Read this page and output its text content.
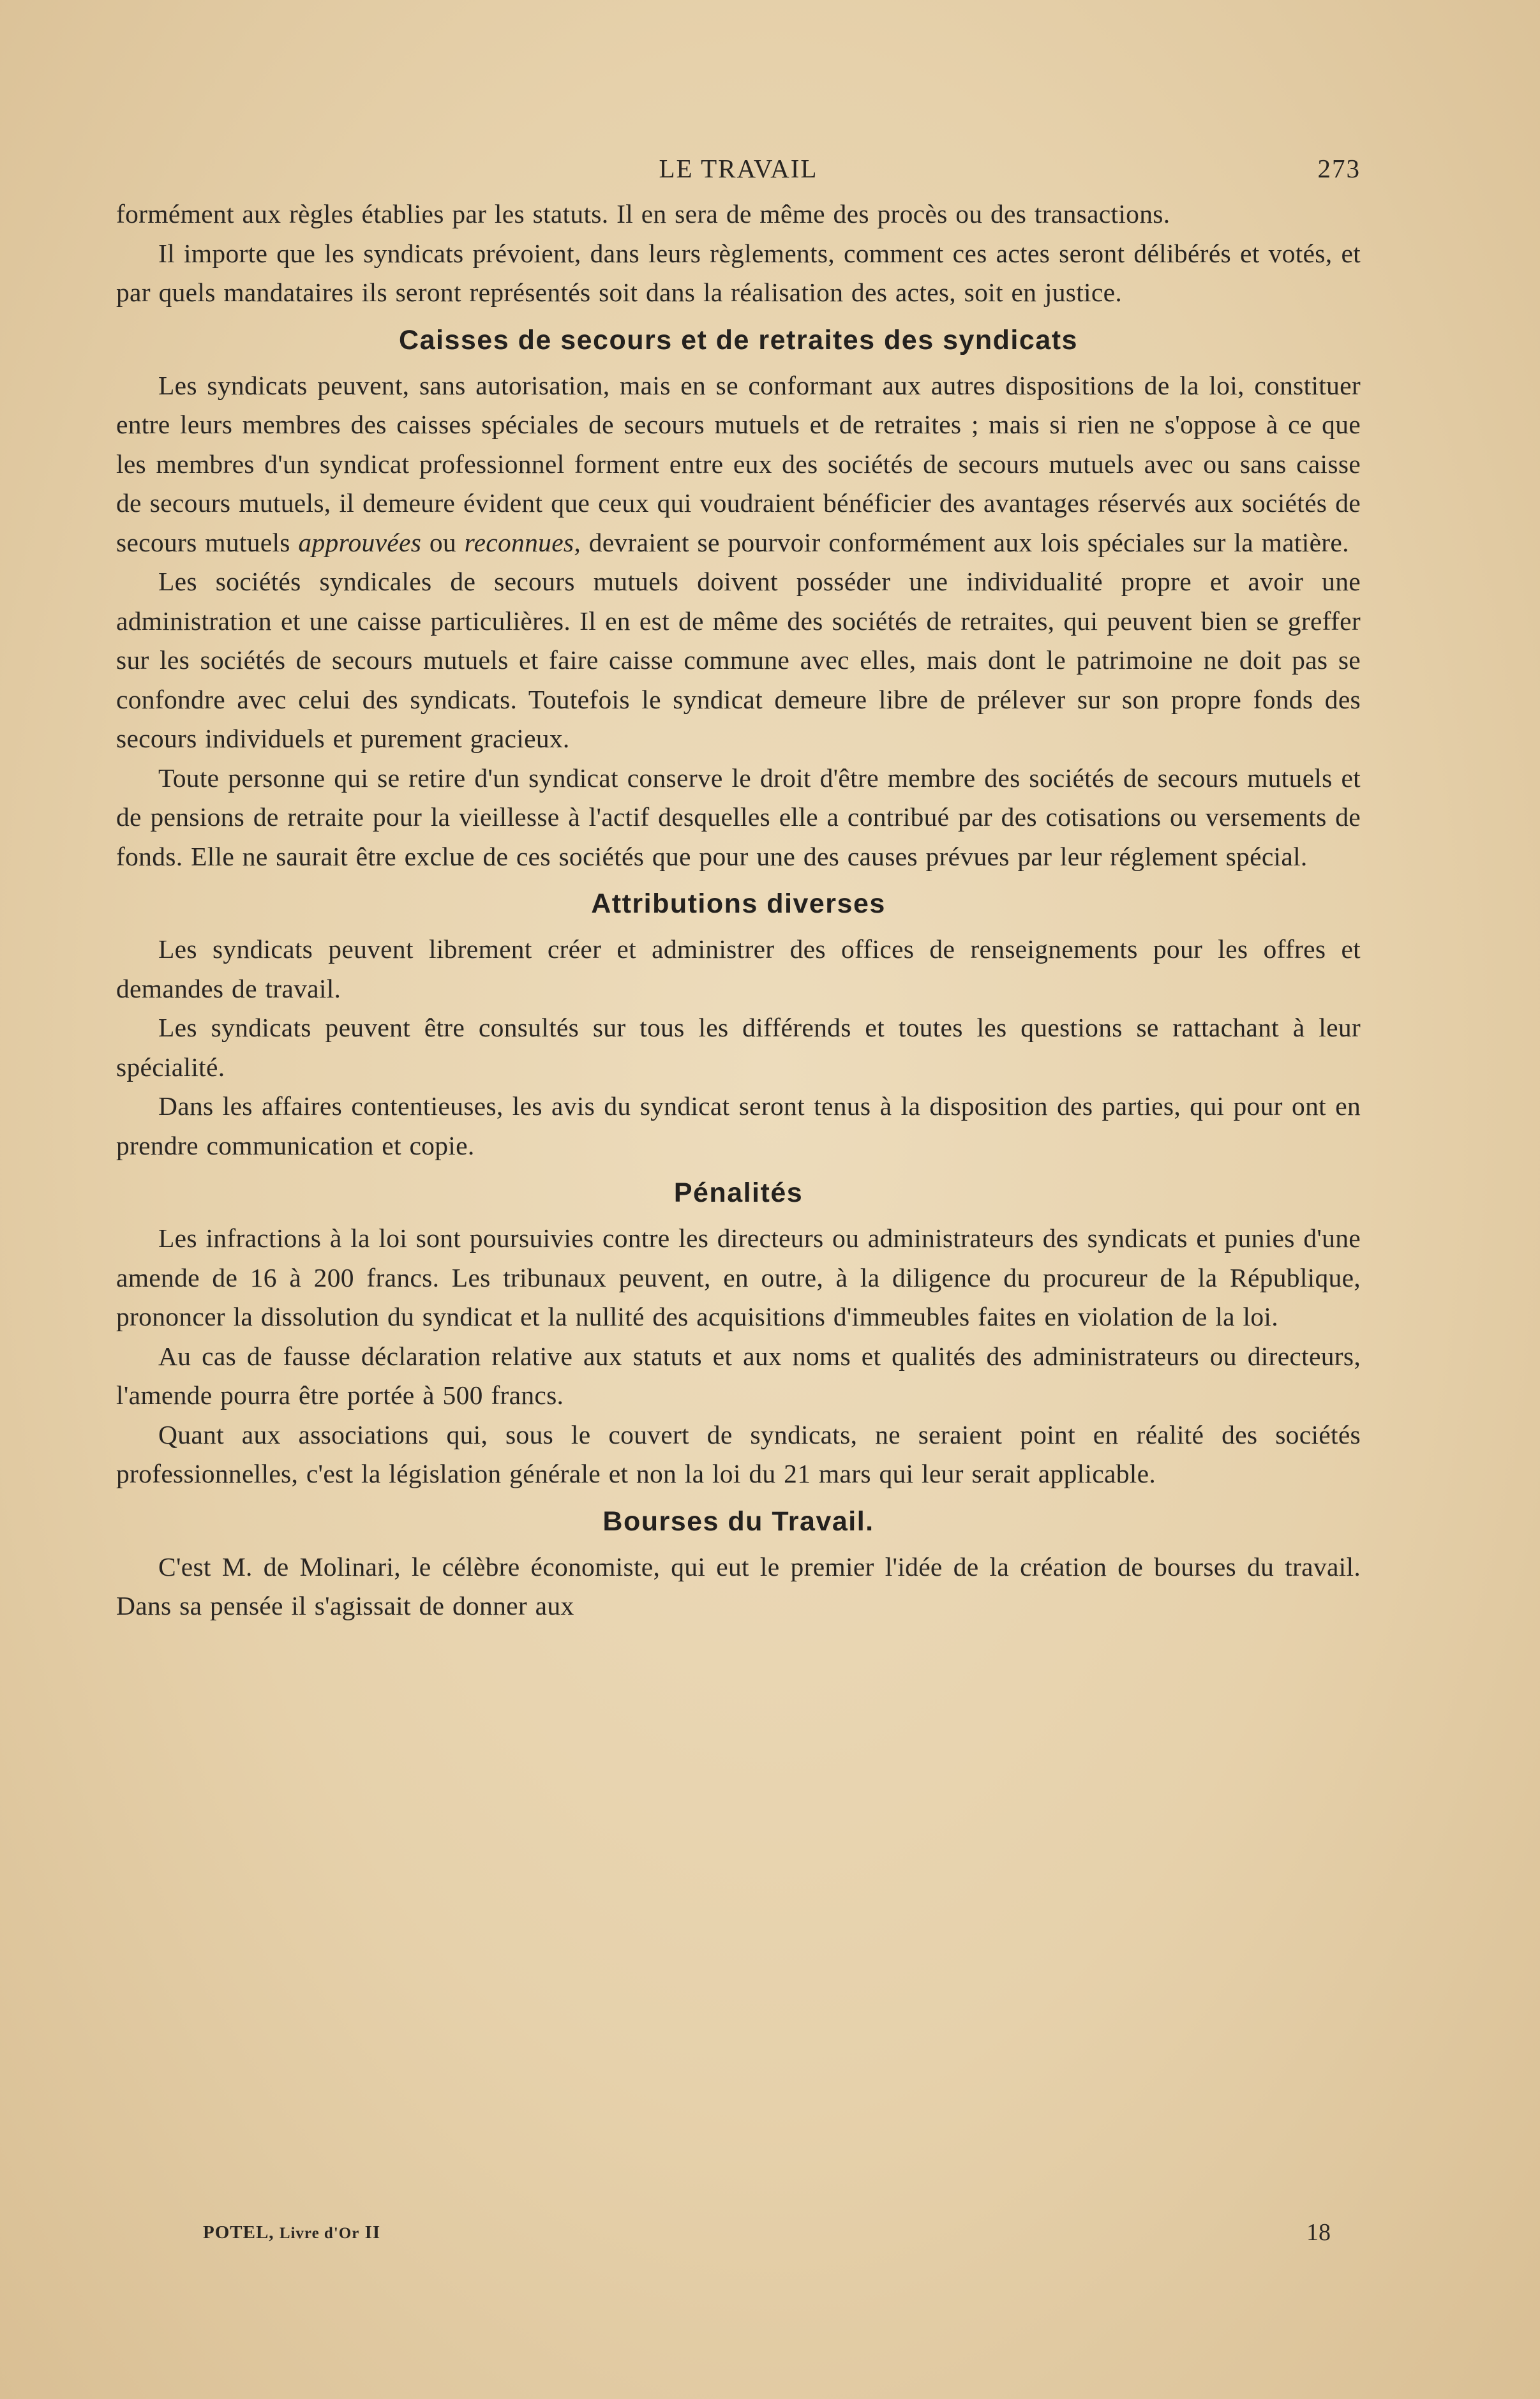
LE TRAVAIL	273

formément aux règles établies par les statuts. Il en sera de même des procès ou des transactions.

Il importe que les syndicats prévoient, dans leurs règlements, comment ces actes seront délibérés et votés, et par quels mandataires ils seront représentés soit dans la réalisation des actes, soit en justice.

Caisses de secours et de retraites des syndicats

Les syndicats peuvent, sans autorisation, mais en se conformant aux autres dispositions de la loi, constituer entre leurs membres des caisses spéciales de secours mutuels et de retraites ; mais si rien ne s'oppose à ce que les membres d'un syndicat professionnel forment entre eux des sociétés de secours mutuels avec ou sans caisse de secours mutuels, il demeure évident que ceux qui voudraient bénéficier des avantages réservés aux sociétés de secours mutuels approuvées ou reconnues, devraient se pourvoir conformément aux lois spéciales sur la matière.

Les sociétés syndicales de secours mutuels doivent posséder une individualité propre et avoir une administration et une caisse particulières. Il en est de même des sociétés de retraites, qui peuvent bien se greffer sur les sociétés de secours mutuels et faire caisse commune avec elles, mais dont le patrimoine ne doit pas se confondre avec celui des syndicats. Toutefois le syndicat demeure libre de prélever sur son propre fonds des secours individuels et purement gracieux.

Toute personne qui se retire d'un syndicat conserve le droit d'être membre des sociétés de secours mutuels et de pensions de retraite pour la vieillesse à l'actif desquelles elle a contribué par des cotisations ou versements de fonds. Elle ne saurait être exclue de ces sociétés que pour une des causes prévues par leur réglement spécial.

Attributions diverses

Les syndicats peuvent librement créer et administrer des offices de renseignements pour les offres et demandes de travail.

Les syndicats peuvent être consultés sur tous les différends et toutes les questions se rattachant à leur spécialité.

Dans les affaires contentieuses, les avis du syndicat seront tenus à la disposition des parties, qui pour ont en prendre communication et copie.

Pénalités

Les infractions à la loi sont poursuivies contre les directeurs ou administrateurs des syndicats et punies d'une amende de 16 à 200 francs. Les tribunaux peuvent, en outre, à la diligence du procureur de la République, prononcer la dissolution du syndicat et la nullité des acquisitions d'immeubles faites en violation de la loi.

Au cas de fausse déclaration relative aux statuts et aux noms et qualités des administrateurs ou directeurs, l'amende pourra être portée à 500 francs.

Quant aux associations qui, sous le couvert de syndicats, ne seraient point en réalité des sociétés professionnelles, c'est la législation générale et non la loi du 21 mars qui leur serait applicable.

Bourses du Travail.

C'est M. de Molinari, le célèbre économiste, qui eut le premier l'idée de la création de bourses du travail. Dans sa pensée il s'agissait de donner aux

POTEL, Livre d'Or II	18
